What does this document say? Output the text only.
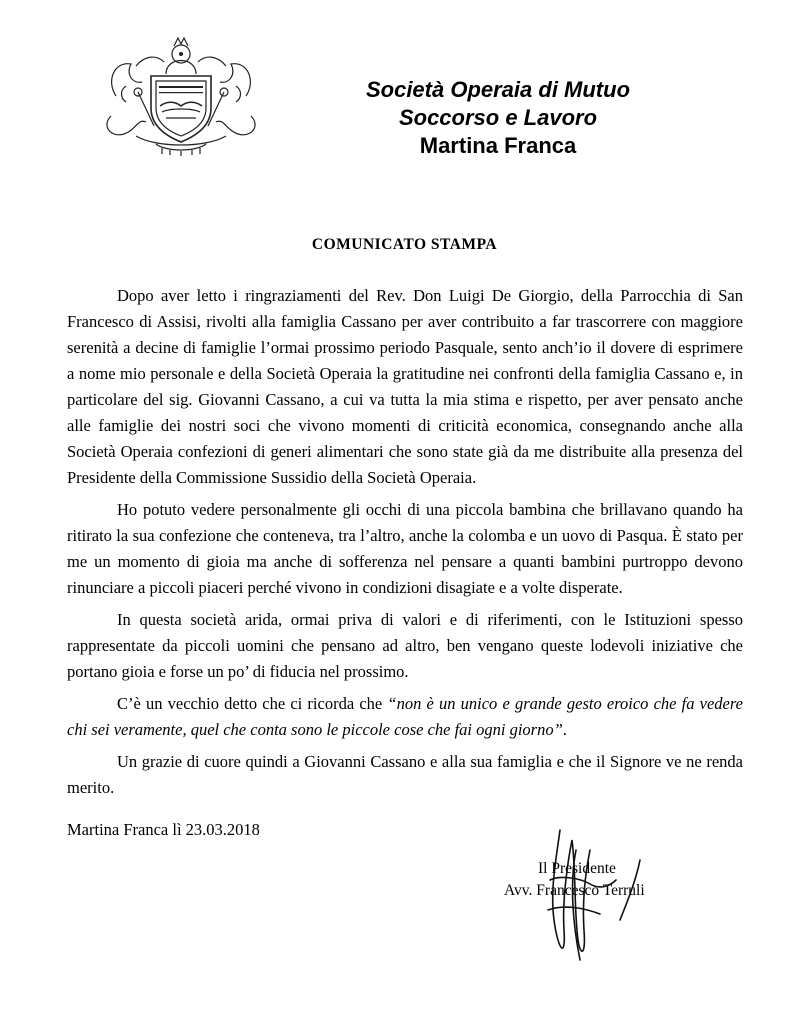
Società Operaia di Mutuo
Soccorso e Lavoro
Martina Franca
COMUNICATO STAMPA

Dopo aver letto i ringraziamenti del Rev. Don Luigi De Giorgio, della Parrocchia di San Francesco di Assisi, rivolti alla famiglia Cassano per aver contribuito a far trascorrere con maggiore serenità a decine di famiglie l’ormai prossimo periodo Pasquale, sento anch’io il dovere di esprimere a nome mio personale e della Società Operaia la gratitudine nei confronti della famiglia Cassano e, in particolare del sig. Giovanni Cassano, a cui va tutta la mia stima e rispetto, per aver pensato anche alle famiglie dei nostri soci che vivono momenti di criticità economica, consegnando anche alla Società Operaia confezioni di generi alimentari che sono state già da me distribuite alla presenza del Presidente della Commissione Sussidio della Società Operaia.

Ho potuto vedere personalmente gli occhi di una piccola bambina che brillavano quando ha ritirato la sua confezione che conteneva, tra l’altro, anche la colomba e un uovo di Pasqua. È stato per me un momento di gioia ma anche di sofferenza nel pensare a quanti bambini purtroppo devono rinunciare a piccoli piaceri perché vivono in condizioni disagiate e a volte disperate.

In questa società arida, ormai priva di valori e di riferimenti, con le Istituzioni spesso rappresentate da piccoli uomini che pensano ad altro, ben vengano queste lodevoli iniziative che portano gioia e forse un po’ di fiducia nel prossimo.

C’è un vecchio detto che ci ricorda che “non è un unico e grande gesto eroico che fa vedere chi sei veramente, quel che conta sono le piccole cose che fai ogni giorno”.

Un grazie di cuore quindi a Giovanni Cassano e alla sua famiglia e che il Signore ve ne renda merito.

Martina Franca lì 23.03.2018
Il Presidente
Avv. Francesco Terruli
